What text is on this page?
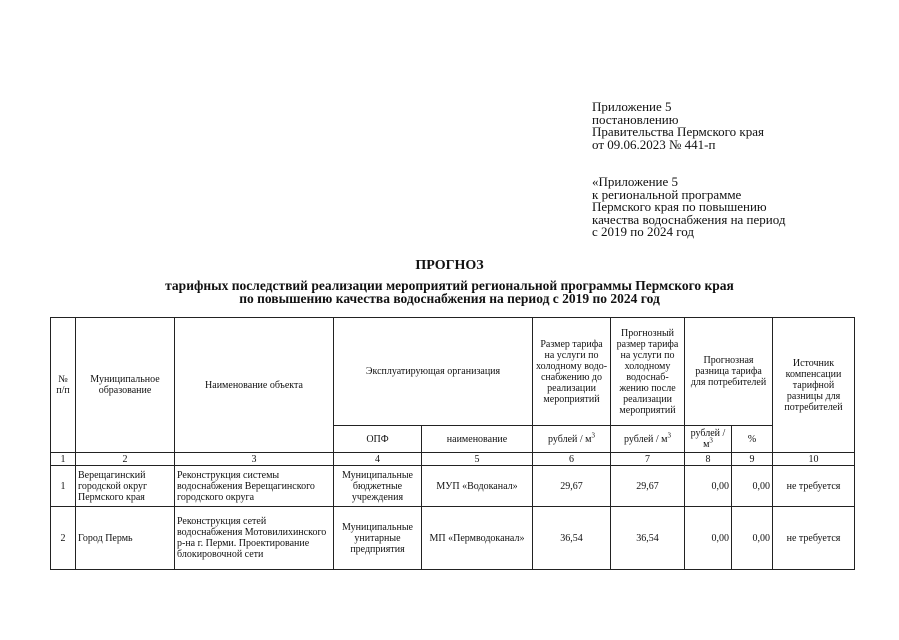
Приложение 5
постановлению
Правительства Пермского края
от 09.06.2023 № 441-п
«Приложение 5
к региональной программе
Пермского края по повышению
качества водоснабжения на период
с 2019 по 2024 год
ПРОГНОЗ
тарифных последствий реализации мероприятий региональной программы Пермского края
по повышению качества водоснабжения на период с 2019 по 2024 год
№ п/п	Муниципальное образование	Наименование объекта	Эксплуатирующая организация		Размер тарифа на услуги по холодному водо-снабжению до реализации мероприятий	Прогнозный размер тарифа на услуги по холодному водоснаб-жению после реализации мероприятий	Прогнозная разница тарифа для потребителей		Источник компенсации тарифной разницы для потребителей
			ОПФ	наименование	рублей / $м^3$	рублей / $м^3$	рублей / $м^3$	%	
1	2	3	4	5	6	7	8	9	10
1	Верещагинский городской округ Пермского края	Реконструкция системы водоснабжения Верещагинского городского округа	Муниципальные бюджетные учреждения	МУП «Водоканал»	29,67	29,67	0,00	0,00	не требуется
2	Город Пермь	Реконструкция сетей водоснабжения Мотовилихинского р-на г. Перми. Проектирование блокировочной сети	Муниципальные унитарные предприятия	МП «Пермводоканал»	36,54	36,54	0,00	0,00	не требуется
